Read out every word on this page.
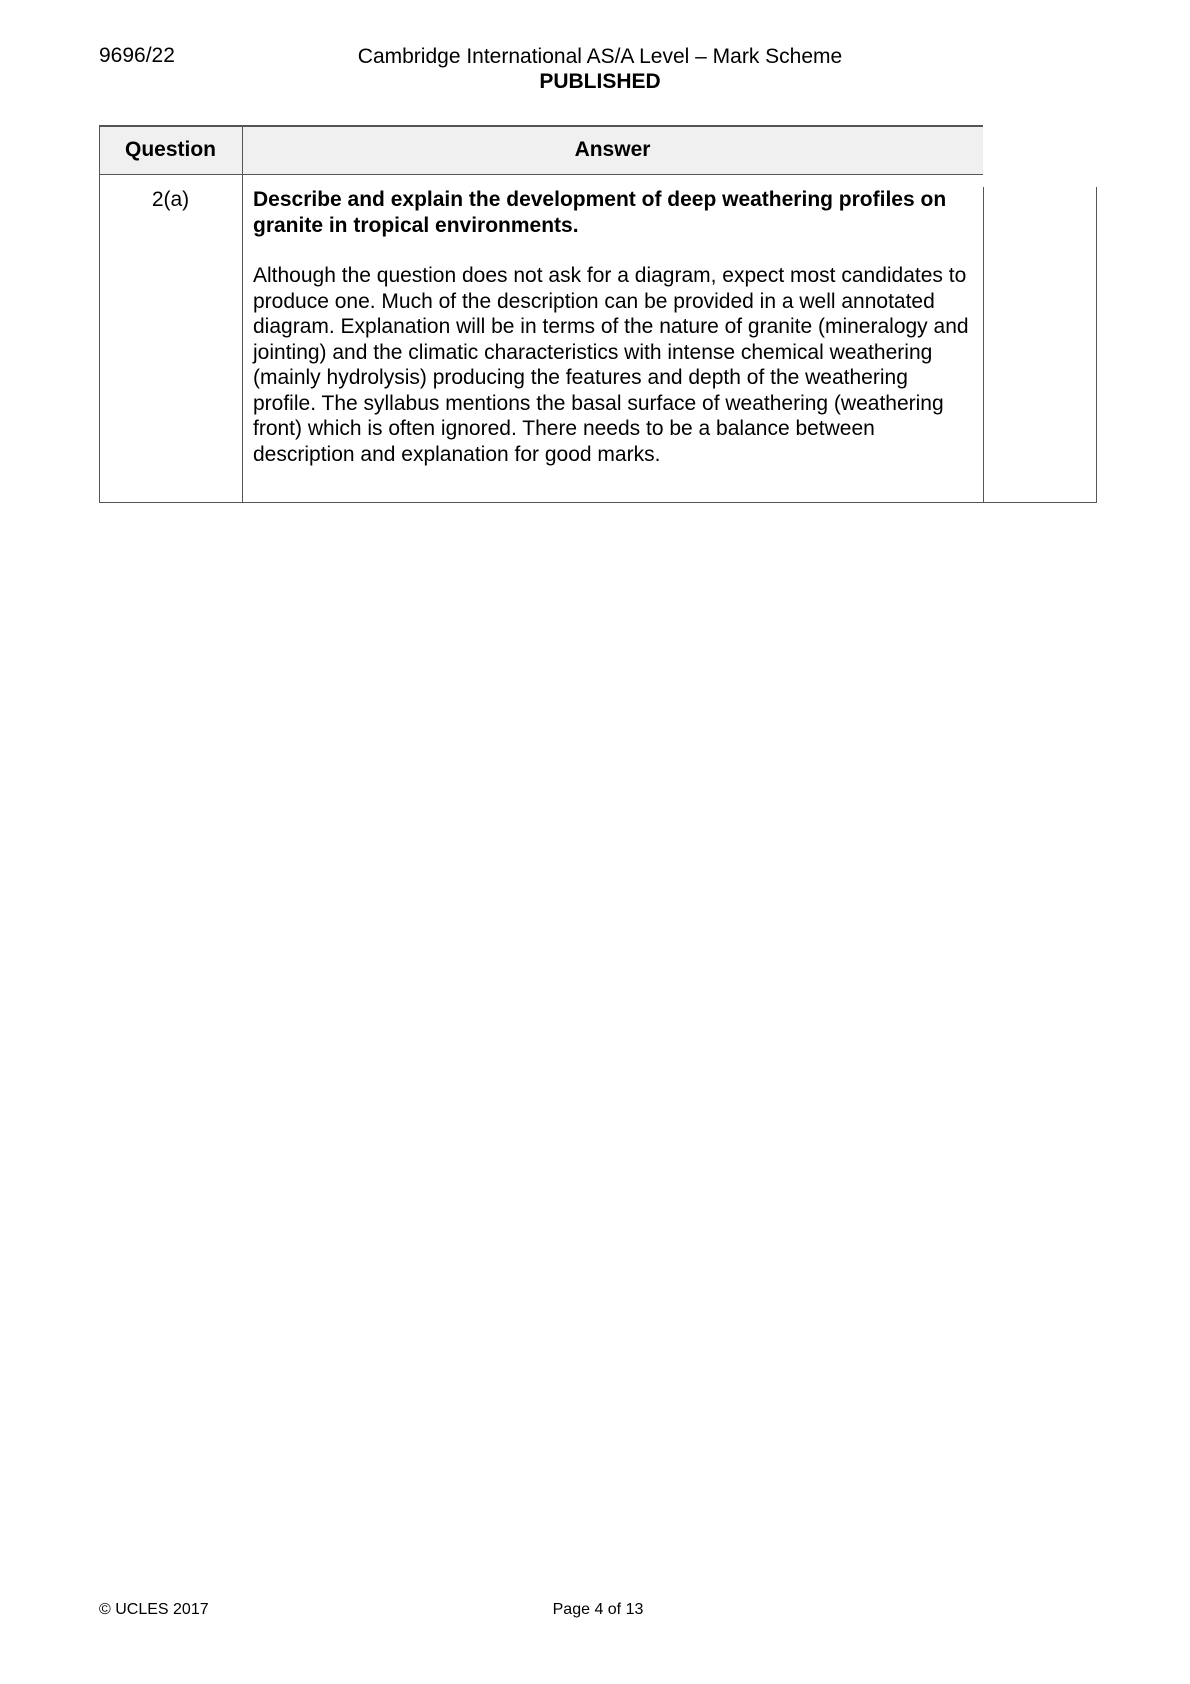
9696/22	Cambridge International AS/A Level – Mark Scheme
PUBLISHED
Question	Answer
2(a)	Describe and explain the development of deep weathering profiles on granite in tropical environments.

Although the question does not ask for a diagram, expect most candidates to produce one. Much of the description can be provided in a well annotated diagram. Explanation will be in terms of the nature of granite (mineralogy and jointing) and the climatic characteristics with intense chemical weathering (mainly hydrolysis) producing the features and depth of the weathering profile. The syllabus mentions the basal surface of weathering (weathering front) which is often ignored. There needs to be a balance between description and explanation for good marks.

© UCLES 2017	Page 4 of 13
